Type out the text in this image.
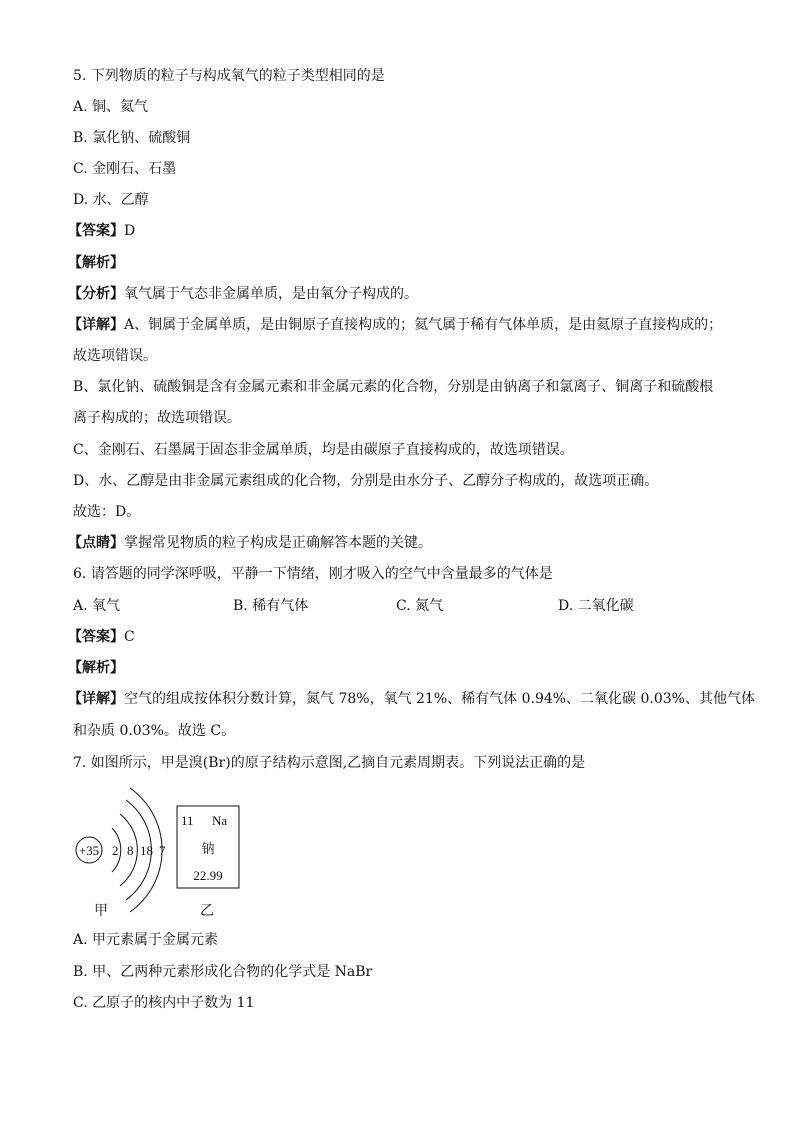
5. 下列物质的粒子与构成氧气的粒子类型相同的是
A. 铜、氦气
B. 氯化钠、硫酸铜
C. 金刚石、石墨
D. 水、乙醇
【答案】D
【解析】
【分析】氧气属于气态非金属单质，是由氧分子构成的。
【详解】A、铜属于金属单质，是由铜原子直接构成的；氦气属于稀有气体单质，是由氦原子直接构成的；
故选项错误。
B、氯化钠、硫酸铜是含有金属元素和非金属元素的化合物，分别是由钠离子和氯离子、铜离子和硫酸根
离子构成的；故选项错误。
C、金刚石、石墨属于固态非金属单质，均是由碳原子直接构成的，故选项错误。
D、水、乙醇是由非金属元素组成的化合物，分别是由水分子、乙醇分子构成的，故选项正确。
故选：D。
【点睛】掌握常见物质的粒子构成是正确解答本题的关键。
6. 请答题的同学深呼吸，平静一下情绪，刚才吸入的空气中含量最多的气体是
A. 氧气	B. 稀有气体	C. 氮气	D. 二氧化碳
【答案】C
【解析】
【详解】空气的组成按体积分数计算，氮气 78%，氧气 21%、稀有气体 0.94%、二氧化碳 0.03%、其他气体
和杂质 0.03%。故选 C。
7. 如图所示，甲是溴(Br)的原子结构示意图,乙摘自元素周期表。下列说法正确的是
+35 2 8 18 7
甲
11 Na
钠
22.99
乙
A. 甲元素属于金属元素
B. 甲、乙两种元素形成化合物的化学式是 NaBr
C. 乙原子的核内中子数为 11
